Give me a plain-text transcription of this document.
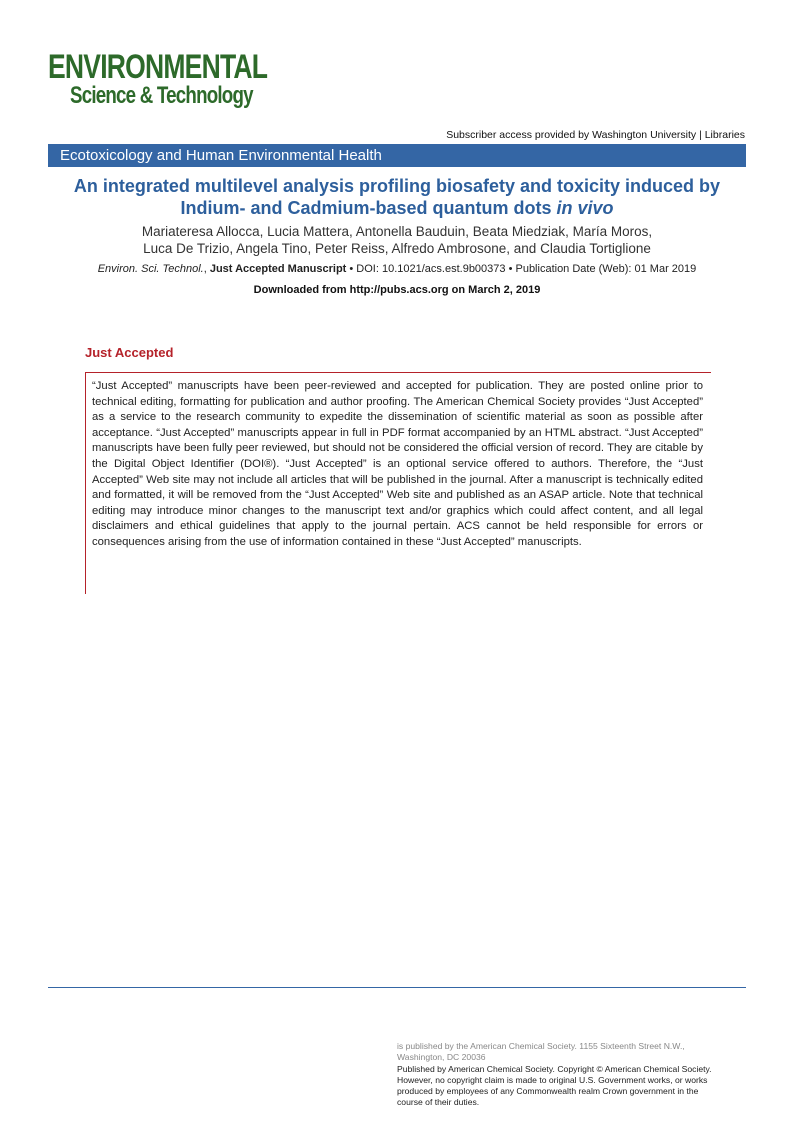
ENVIRONMENTAL
Science & Technology
Subscriber access provided by Washington University | Libraries
Ecotoxicology and Human Environmental Health
An integrated multilevel analysis profiling biosafety and toxicity induced by Indium- and Cadmium-based quantum dots in vivo
Mariateresa Allocca, Lucia Mattera, Antonella Bauduin, Beata Miedziak, María Moros,
Luca De Trizio, Angela Tino, Peter Reiss, Alfredo Ambrosone, and Claudia Tortiglione
Environ. Sci. Technol., Just Accepted Manuscript • DOI: 10.1021/acs.est.9b00373 • Publication Date (Web): 01 Mar 2019
Downloaded from http://pubs.acs.org on March 2, 2019
Just Accepted
“Just Accepted” manuscripts have been peer-reviewed and accepted for publication. They are posted online prior to technical editing, formatting for publication and author proofing. The American Chemical Society provides “Just Accepted” as a service to the research community to expedite the dissemination of scientific material as soon as possible after acceptance. “Just Accepted” manuscripts appear in full in PDF format accompanied by an HTML abstract. “Just Accepted” manuscripts have been fully peer reviewed, but should not be considered the official version of record. They are citable by the Digital Object Identifier (DOI®). “Just Accepted” is an optional service offered to authors. Therefore, the “Just Accepted” Web site may not include all articles that will be published in the journal. After a manuscript is technically edited and formatted, it will be removed from the “Just Accepted” Web site and published as an ASAP article. Note that technical editing may introduce minor changes to the manuscript text and/or graphics which could affect content, and all legal disclaimers and ethical guidelines that apply to the journal pertain. ACS cannot be held responsible for errors or consequences arising from the use of information contained in these “Just Accepted” manuscripts.
is published by the American Chemical Society. 1155 Sixteenth Street N.W.,
Washington, DC 20036
Published by American Chemical Society. Copyright © American Chemical Society.
However, no copyright claim is made to original U.S. Government works, or works
produced by employees of any Commonwealth realm Crown government in the
course of their duties.
